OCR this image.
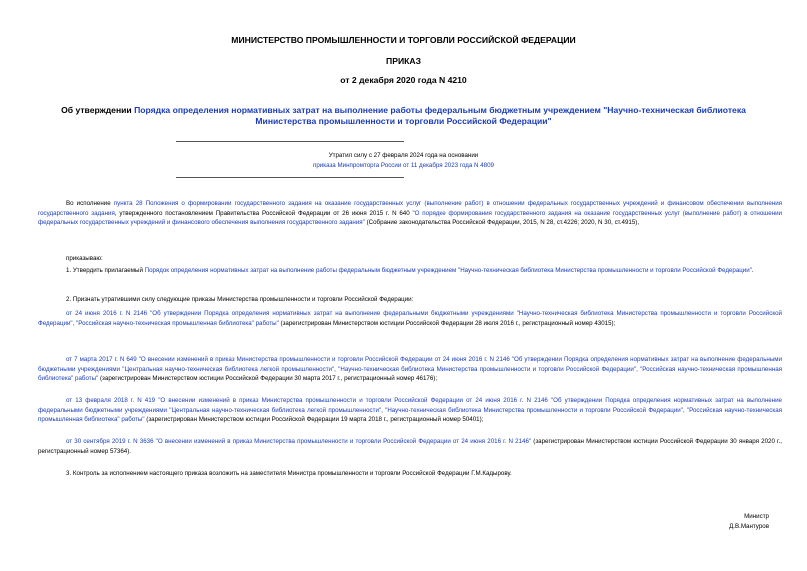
МИНИСТЕРСТВО ПРОМЫШЛЕННОСТИ И ТОРГОВЛИ РОССИЙСКОЙ ФЕДЕРАЦИИ
ПРИКАЗ
от 2 декабря 2020 года N 4210
Об утверждении Порядка определения нормативных затрат на выполнение работы федеральным бюджетным учреждением "Научно-техническая библиотека Министерства промышленности и торговли Российской Федерации"
Утратил силу с 27 февраля 2024 года на основании
приказа Минпромторга России от 11 декабря 2023 года N 4809
Во исполнение пункта 28 Положения о формировании государственного задания на оказание государственных услуг (выполнение работ) в отношении федеральных государственных учреждений и финансовом обеспечении выполнения государственного задания, утвержденного постановлением Правительства Российской Федерации от 26 июня 2015 г. N 640 "О порядке формирования государственного задания на оказание государственных услуг (выполнение работ) в отношении федеральных государственных учреждений и финансового обеспечения выполнения государственного задания" (Собрание законодательства Российской Федерации, 2015, N 28, ст.4226; 2020, N 30, ст.4915),
приказываю:
1. Утвердить прилагаемый Порядок определения нормативных затрат на выполнение работы федеральным бюджетным учреждением "Научно-техническая библиотека Министерства промышленности и торговли Российской Федерации".
2. Признать утратившими силу следующие приказы Министерства промышленности и торговли Российской Федерации:
от 24 июня 2016 г. N 2146 "Об утверждении Порядка определения нормативных затрат на выполнение федеральными бюджетными учреждениями "Научно-техническая библиотека Министерства промышленности и торговли Российской Федерации", "Российская научно-техническая промышленная библиотека" работы" (зарегистрирован Министерством юстиции Российской Федерации 28 июля 2016 г., регистрационный номер 43015);
от 7 марта 2017 г. N 649 "О внесении изменений в приказ Министерства промышленности и торговли Российской Федерации от 24 июня 2016 г. N 2146 "Об утверждении Порядка определения нормативных затрат на выполнение федеральными бюджетными учреждениями "Центральная научно-техническая библиотека легкой промышленности", "Научно-техническая библиотека Министерства промышленности и торговли Российской Федерации", "Российская научно-техническая промышленная библиотека" работы" (зарегистрирован Министерством юстиции Российской Федерации 30 марта 2017 г., регистрационный номер 46176);
от 13 февраля 2018 г. N 419 "О внесении изменений в приказ Министерства промышленности и торговли Российской Федерации от 24 июня 2016 г. N 2146 "Об утверждении Порядка определения нормативных затрат на выполнение федеральными бюджетными учреждениями "Центральная научно-техническая библиотека легкой промышленности", "Научно-техническая библиотека Министерства промышленности и торговли Российской Федерации", "Российская научно-техническая промышленная библиотека" работы" (зарегистрирован Министерством юстиции Российской Федерации 19 марта 2018 г., регистрационный номер 50401);
от 30 сентября 2019 г. N 3636 "О внесении изменений в приказ Министерства промышленности и торговли Российской Федерации от 24 июня 2016 г. N 2146" (зарегистрирован Министерством юстиции Российской Федерации 30 января 2020 г., регистрационный номер 57364).
3. Контроль за исполнением настоящего приказа возложить на заместителя Министра промышленности и торговли Российской Федерации Г.М.Кадырову.
Министр
Д.В.Мантуров
